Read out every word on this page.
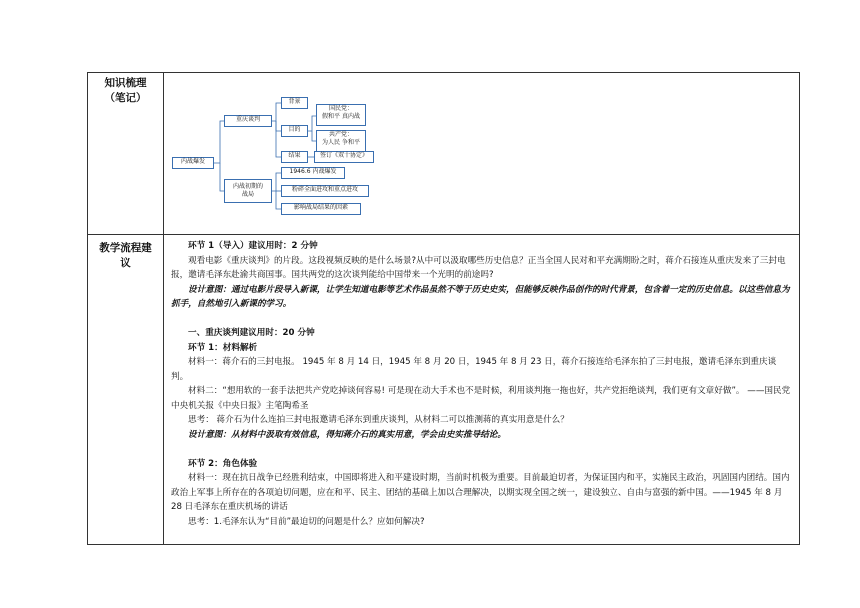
知识梳理
（笔记）
教学流程建
议
内战爆发
重庆谈判
背景
目的
结果
国民党：
假和平 真内战
共产党：
为人民 争和平
签订《双十协定》
内战初期的
战局
1946.6 内战爆发
粉碎全面进攻和重点进攻
影响战局结果的因素

环节 1（导入）建议用时：2 分钟

观看电影《重庆谈判》的片段。这段视频反映的是什么场景?从中可以汲取哪些历史信息？正当全国人民对和平充满期盼之时，蒋介石接连从重庆发来了三封电报，邀请毛泽东赴渝共商国事。国共两党的这次谈判能给中国带来一个光明的前途吗?

设计意图：通过电影片段导入新课，让学生知道电影等艺术作品虽然不等于历史史实，但能够反映作品创作的时代背景，包含着一定的历史信息。以这些信息为抓手，自然地引入新课的学习。

一、重庆谈判建议用时：20 分钟

环节 1：材料解析

材料一：蒋介石的三封电报。 1945 年 8 月 14 日，1945 年 8 月 20 日，1945 年 8 月 23 日，蒋介石接连给毛泽东拍了三封电报，邀请毛泽东到重庆谈判。

材料二：“想用软的一套手法把共产党吃掉谈何容易! 可是现在动大手术也不是时候，利用谈判拖一拖也好，共产党拒绝谈判，我们更有文章好做”。 ——国民党中央机关报《中央日报》主笔陶希圣

思考： 蒋介石为什么连拍三封电报邀请毛泽东到重庆谈判，从材料二可以推测蒋的真实用意是什么？

设计意图：从材料中汲取有效信息，得知蒋介石的真实用意，学会由史实推导结论。

环节 2：角色体验

材料一：现在抗日战争已经胜利结束，中国即将进入和平建设时期，当前时机极为重要。目前最迫切者，为保证国内和平，实施民主政治，巩固国内团结。国内政治上军事上所存在的各项迫切问题，应在和平、民主、团结的基础上加以合理解决，以期实现全国之统一，建设独立、自由与富强的新中国。——1945 年 8 月 28 日毛泽东在重庆机场的讲话

思考：1.毛泽东认为“目前”最迫切的问题是什么？应如何解决?
